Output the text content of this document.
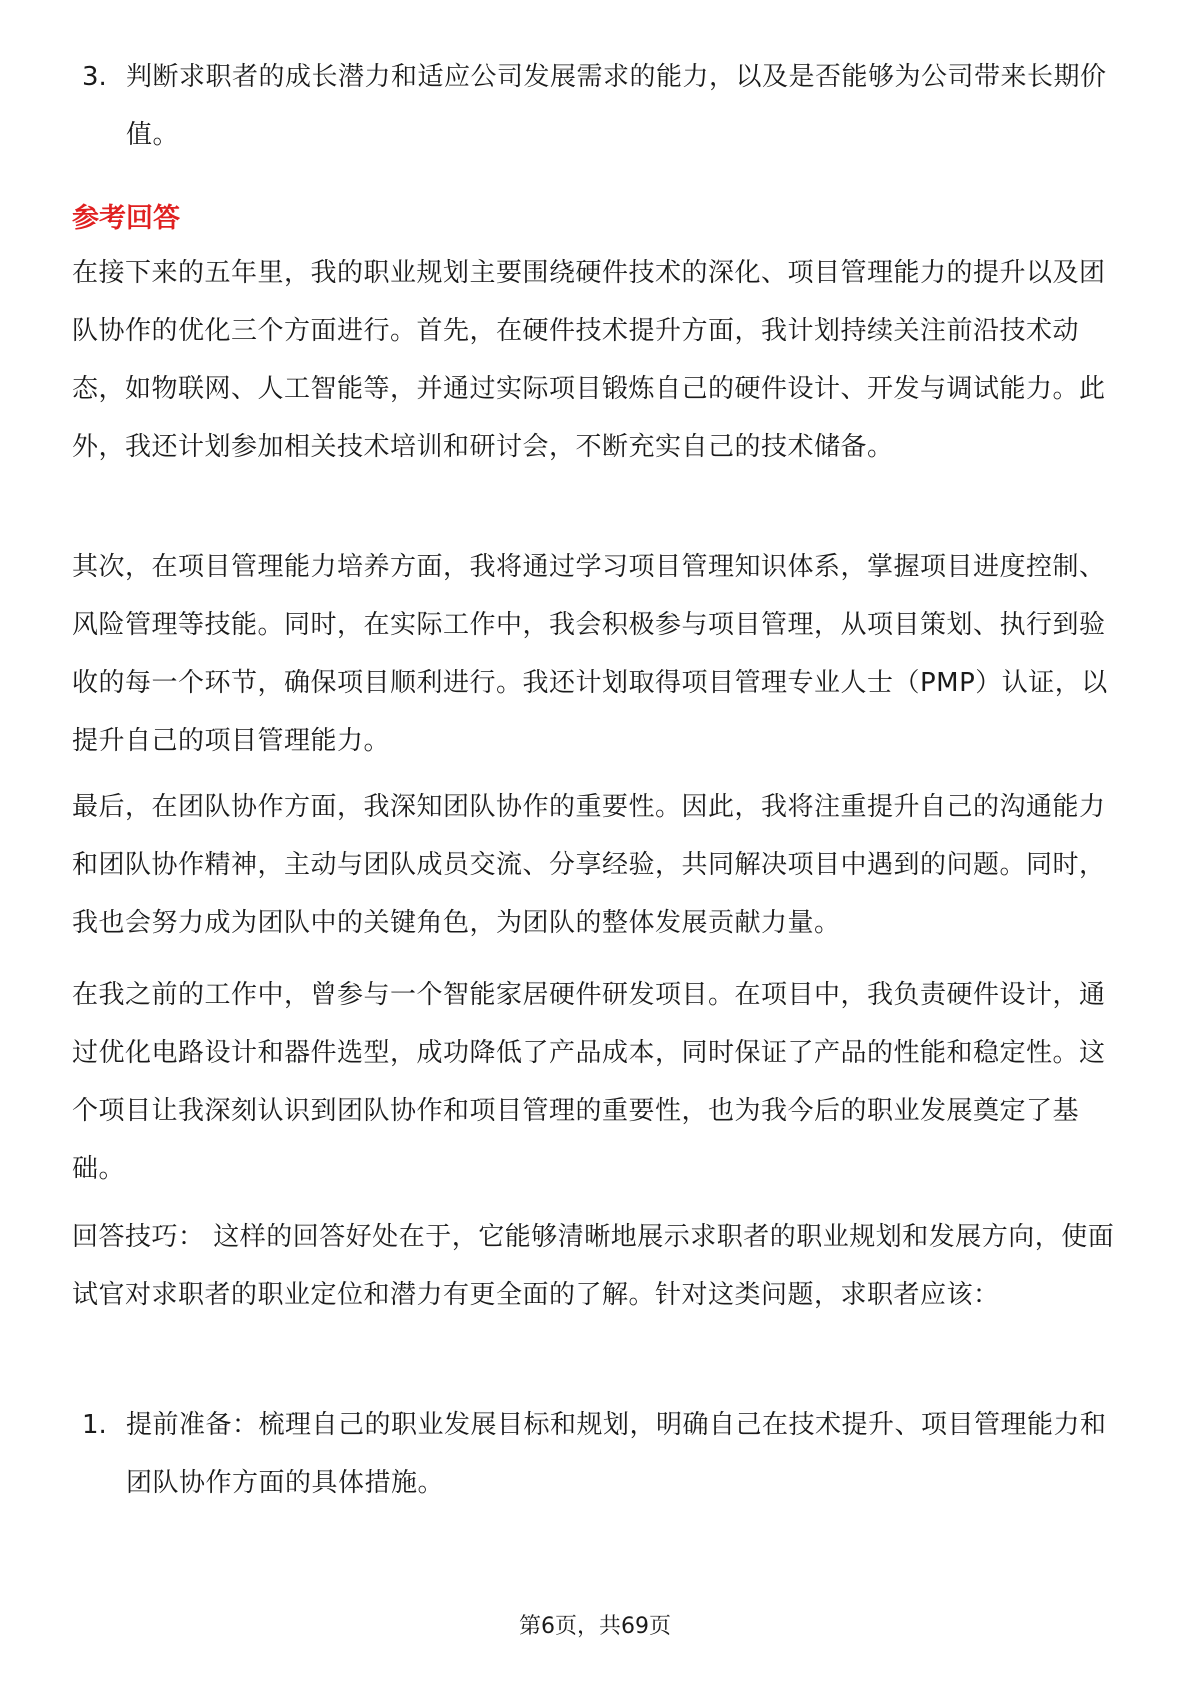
3. 判断求职者的成长潜力和适应公司发展需求的能力，以及是否能够为公司带来长期价值。
参考回答

在接下来的五年里，我的职业规划主要围绕硬件技术的深化、项目管理能力的提升以及团队协作的优化三个方面进行。首先，在硬件技术提升方面，我计划持续关注前沿技术动态，如物联网、人工智能等，并通过实际项目锻炼自己的硬件设计、开发与调试能力。此外，我还计划参加相关技术培训和研讨会，不断充实自己的技术储备。

其次，在项目管理能力培养方面，我将通过学习项目管理知识体系，掌握项目进度控制、风险管理等技能。同时，在实际工作中，我会积极参与项目管理，从项目策划、执行到验收的每一个环节，确保项目顺利进行。我还计划取得项目管理专业人士（PMP）认证，以提升自己的项目管理能力。

最后，在团队协作方面，我深知团队协作的重要性。因此，我将注重提升自己的沟通能力和团队协作精神，主动与团队成员交流、分享经验，共同解决项目中遇到的问题。同时，我也会努力成为团队中的关键角色，为团队的整体发展贡献力量。

在我之前的工作中，曾参与一个智能家居硬件研发项目。在项目中，我负责硬件设计，通过优化电路设计和器件选型，成功降低了产品成本，同时保证了产品的性能和稳定性。这个项目让我深刻认识到团队协作和项目管理的重要性，也为我今后的职业发展奠定了基础。

回答技巧： 这样的回答好处在于，它能够清晰地展示求职者的职业规划和发展方向，使面试官对求职者的职业定位和潜力有更全面的了解。针对这类问题，求职者应该：

1. 提前准备：梳理自己的职业发展目标和规划，明确自己在技术提升、项目管理能力和团队协作方面的具体措施。
第6页，共69页
